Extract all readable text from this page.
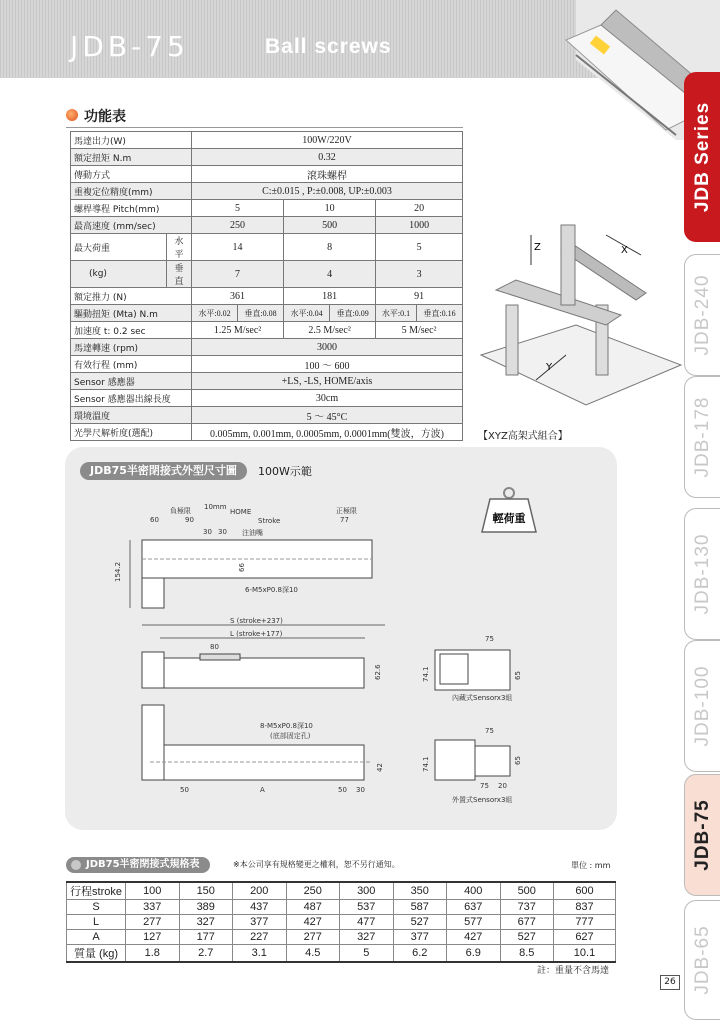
JDB-75	Ball screws
功能表
馬達出力(W)		100W/220V					
額定扭矩 N.m		0.32					
傳動方式		滾珠螺桿					
重複定位精度(mm)		C:±0.015 , P:±0.008, UP:±0.003					
螺桿導程 Pitch(mm)		5		10		20	
最高速度 (mm/sec)		250		500		1000	
最大荷重	水 平	14		8		5	
(kg)	垂 直	7		4		3	
額定推力 (N)		361		181		91	
驅動扭矩 (Mta) N.m		水平:0.02	垂直:0.08	水平:0.04	垂直:0.09	水平:0.1	垂直:0.16
加速度 t: 0.2 sec		1.25 M/sec²		2.5 M/sec²		5 M/sec²	
馬達轉速 (rpm)		3000					
有效行程 (mm)		100 ～ 600					
Sensor 感應器		+LS, -LS, HOME/axis					
Sensor 感應器出線長度		30cm					
環境溫度		5 ～ 45°C					
光學尺解析度(選配)		0.005mm, 0.001mm, 0.0005mm, 0.0001mm(雙波，方波)					
Z	X
Y
【XYZ高架式組合】
JDB75半密閉接式外型尺寸圖	100W示範
輕荷重
154.2
60	90
10mm
77
30 30
66
負極限	正極限
HOME
Stroke
注油嘴
6-M5xP0.8深10
S (stroke+237)
L (stroke+177)
80
62.6
75
74.1	65
內藏式Sensorx3組
8-M5xP0.8深10
(底部固定孔)
42
50	A	50 30
75
65
74.1
75 20
外置式Sensorx3組
JDB75半密閉接式規格表	※本公司享有規格變更之權利，恕不另行通知。	單位 : mm
行程stroke	100	150	200	250	300	350	400	500	600
S	337	389	437	487	537	587	637	737	837
L	277	327	377	427	477	527	577	677	777
A	127	177	227	277	327	377	427	527	627
質量 (kg)	1.8	2.7	3.1	4.5	5	6.2	6.9	8.5	10.1
註：重量不含馬達
26
JDB Series
JDB-240
JDB-178
JDB-130
JDB-100
JDB-75
JDB-65
